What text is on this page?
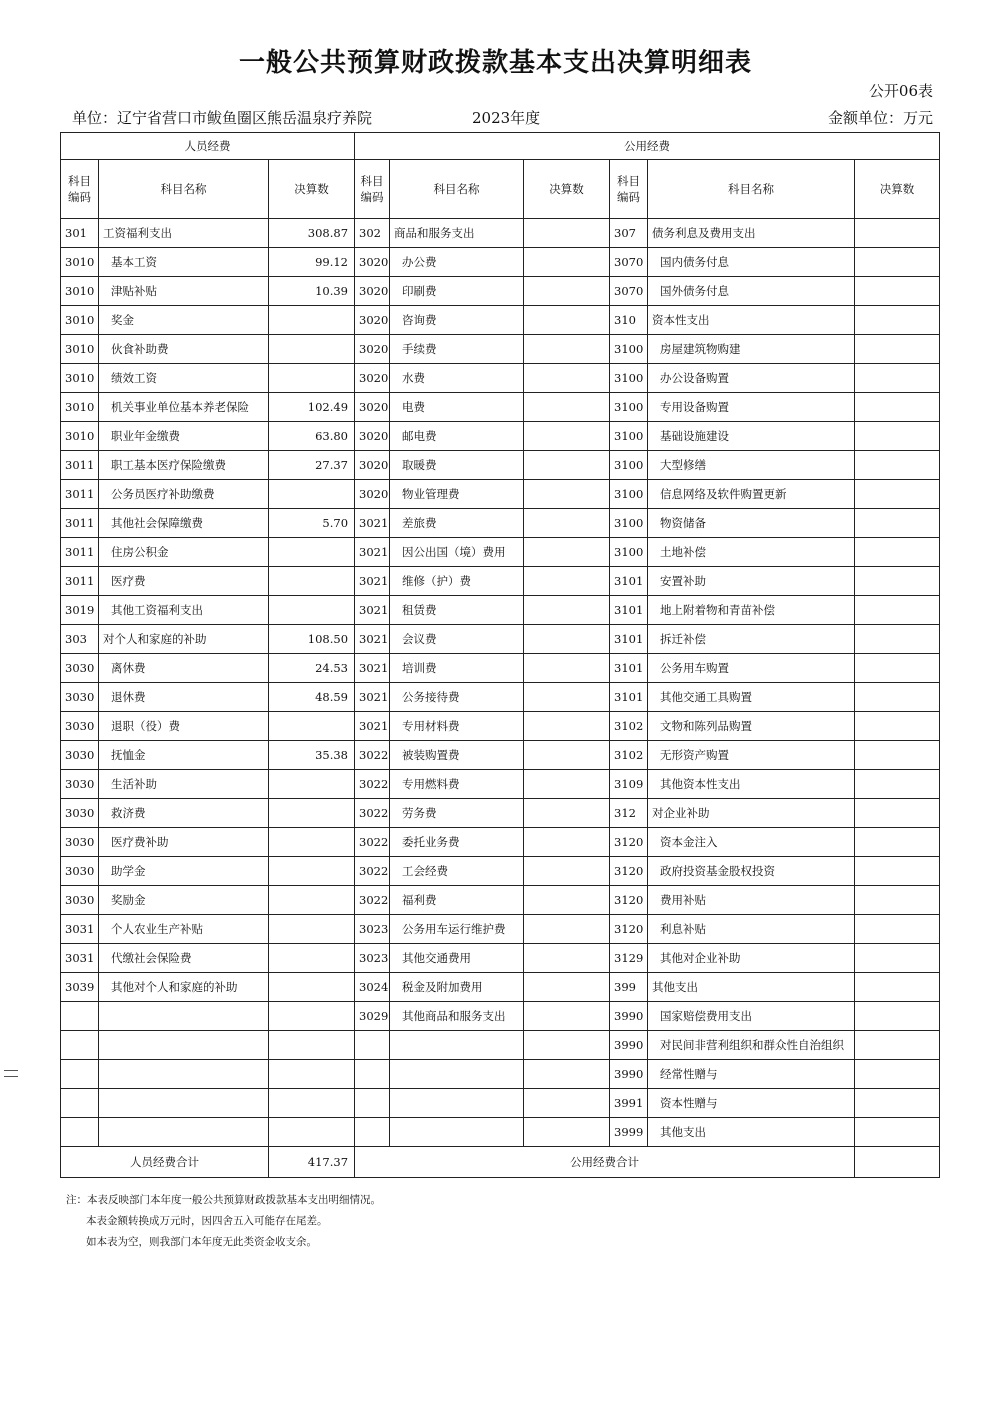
一般公共预算财政拨款基本支出决算明细表
公开06表
单位：辽宁省营口市鲅鱼圈区熊岳温泉疗养院	2023年度	金额单位：万元
人员经费			公用经费					
科目编码	科目名称	决算数	科目编码	科目名称	决算数	科目编码	科目名称	决算数
301	工资福利支出	308.87	302	商品和服务支出		307	债务利息及费用支出	
3010	基本工资	99.12	3020	办公费		3070	国内债务付息	
3010	津贴补贴	10.39	3020	印刷费		3070	国外债务付息	
3010	奖金		3020	咨询费		310	资本性支出	
3010	伙食补助费		3020	手续费		3100	房屋建筑物购建	
3010	绩效工资		3020	水费		3100	办公设备购置	
3010	机关事业单位基本养老保险	102.49	3020	电费		3100	专用设备购置	
3010	职业年金缴费	63.80	3020	邮电费		3100	基础设施建设	
3011	职工基本医疗保险缴费	27.37	3020	取暖费		3100	大型修缮	
3011	公务员医疗补助缴费		3020	物业管理费		3100	信息网络及软件购置更新	
3011	其他社会保障缴费	5.70	3021	差旅费		3100	物资储备	
3011	住房公积金		3021	因公出国（境）费用		3100	土地补偿	
3011	医疗费		3021	维修（护）费		3101	安置补助	
3019	其他工资福利支出		3021	租赁费		3101	地上附着物和青苗补偿	
303	对个人和家庭的补助	108.50	3021	会议费		3101	拆迁补偿	
3030	离休费	24.53	3021	培训费		3101	公务用车购置	
3030	退休费	48.59	3021	公务接待费		3101	其他交通工具购置	
3030	退职（役）费		3021	专用材料费		3102	文物和陈列品购置	
3030	抚恤金	35.38	3022	被装购置费		3102	无形资产购置	
3030	生活补助		3022	专用燃料费		3109	其他资本性支出	
3030	救济费		3022	劳务费		312	对企业补助	
3030	医疗费补助		3022	委托业务费		3120	资本金注入	
3030	助学金		3022	工会经费		3120	政府投资基金股权投资	
3030	奖励金		3022	福利费		3120	费用补贴	
3031	个人农业生产补贴		3023	公务用车运行维护费		3120	利息补贴	
3031	代缴社会保险费		3023	其他交通费用		3129	其他对企业补助	
3039	其他对个人和家庭的补助		3024	税金及附加费用		399	其他支出	
			3029	其他商品和服务支出		3990	国家赔偿费用支出	
						3990	对民间非营利组织和群众性自治组织	
						3990	经常性赠与	
						3991	资本性赠与	
						3999	其他支出	
人员经费合计		417.37	公用经费合计					
注：本表反映部门本年度一般公共预算财政拨款基本支出明细情况。
本表金额转换成万元时，因四舍五入可能存在尾差。
如本表为空，则我部门本年度无此类资金收支余。
